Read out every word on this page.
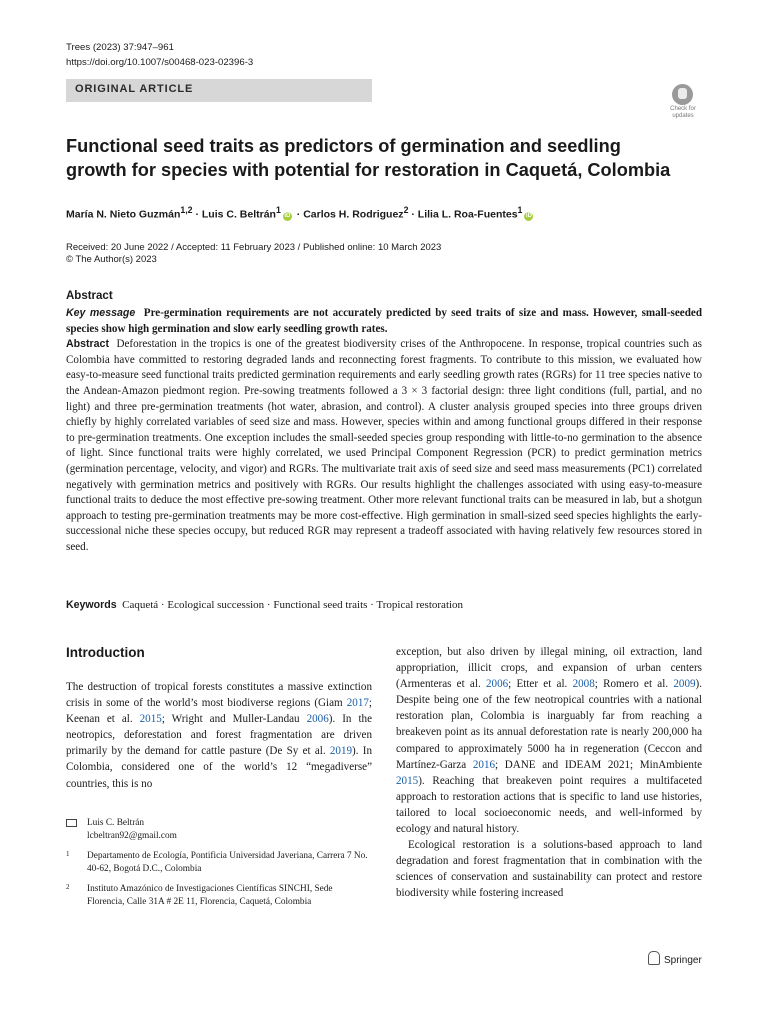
Trees (2023) 37:947–961
https://doi.org/10.1007/s00468-023-02396-3
ORIGINAL ARTICLE
Check for
updates
Functional seed traits as predictors of germination and seedling growth for species with potential for restoration in Caquetá, Colombia
María N. Nieto Guzmán$^{1,2}$ · Luis C. Beltrán$^1$iD · Carlos H. Rodriguez$^2$ · Lilia L. Roa-Fuentes$^1$iD
Received: 20 June 2022 / Accepted: 11 February 2023 / Published online: 10 March 2023
© The Author(s) 2023
Abstract
Key message Pre-germination requirements are not accurately predicted by seed traits of size and mass. However, small-seeded species show high germination and slow early seedling growth rates.
Abstract Deforestation in the tropics is one of the greatest biodiversity crises of the Anthropocene. In response, tropical countries such as Colombia have committed to restoring degraded lands and reconnecting forest fragments. To contribute to this mission, we evaluated how easy-to-measure seed functional traits predicted germination requirements and early seedling growth rates (RGRs) for 11 tree species native to the Andean-Amazon piedmont region. Pre-sowing treatments followed a 3 × 3 factorial design: three light conditions (full, partial, and no light) and three pre-germination treatments (hot water, abrasion, and control). A cluster analysis grouped species into three groups driven chiefly by highly correlated variables of seed size and mass. However, species within and among functional groups differed in their response to pre-germination treatments. One exception includes the small-seeded species group responding with little-to-no germination to the absence of light. Since functional traits were highly correlated, we used Principal Component Regression (PCR) to predict germination metrics (germination percentage, velocity, and vigor) and RGRs. The multivariate trait axis of seed size and seed mass measurements (PC1) correlated negatively with germination metrics and positively with RGRs. Our results highlight the challenges associated with using easy-to-measure functional traits to deduce the most effective pre-sowing treatment. Other more relevant functional traits can be measured in lab, but a shotgun approach to testing pre-germination treatments may be more cost-effective. High germination in small-sized seed species highlights the early-successional niche these species occupy, but reduced RGR may represent a tradeoff associated with having relatively few resources stored in seed.
Keywords Caquetá · Ecological succession · Functional seed traits · Tropical restoration
Introduction
The destruction of tropical forests constitutes a massive extinction crisis in some of the world’s most biodiverse regions (Giam 2017; Keenan et al. 2015; Wright and Muller-Landau 2006). In the neotropics, deforestation and forest fragmentation are driven primarily by the demand for cattle pasture (De Sy et al. 2019). In Colombia, considered one of the world’s 12 “megadiverse” countries, this is no
exception, but also driven by illegal mining, oil extraction, land appropriation, illicit crops, and expansion of urban centers (Armenteras et al. 2006; Etter et al. 2008; Romero et al. 2009). Despite being one of the few neotropical countries with a national restoration plan, Colombia is inarguably far from reaching a breakeven point as its annual deforestation rate is nearly 200,000 ha compared to approximately 5000 ha in regeneration (Ceccon and Martínez-Garza 2016; DANE and IDEAM 2021; MinAmbiente 2015). Reaching that breakeven point requires a multifaceted approach to restoration actions that is specific to land use histories, tailored to local socioeconomic needs, and well-informed by ecology and natural history.
Ecological restoration is a solutions-based approach to land degradation and forest fragmentation that in combination with the sciences of conservation and sustainability can protect and restore biodiversity while fostering increased
Luis C. Beltrán
lcbeltran92@gmail.com
1 Departamento de Ecología, Pontificia Universidad Javeriana, Carrera 7 No. 40-62, Bogotá D.C., Colombia
2 Instituto Amazónico de Investigaciones Científicas SINCHI, Sede Florencia, Calle 31A # 2E 11, Florencia, Caquetá, Colombia
Springer
